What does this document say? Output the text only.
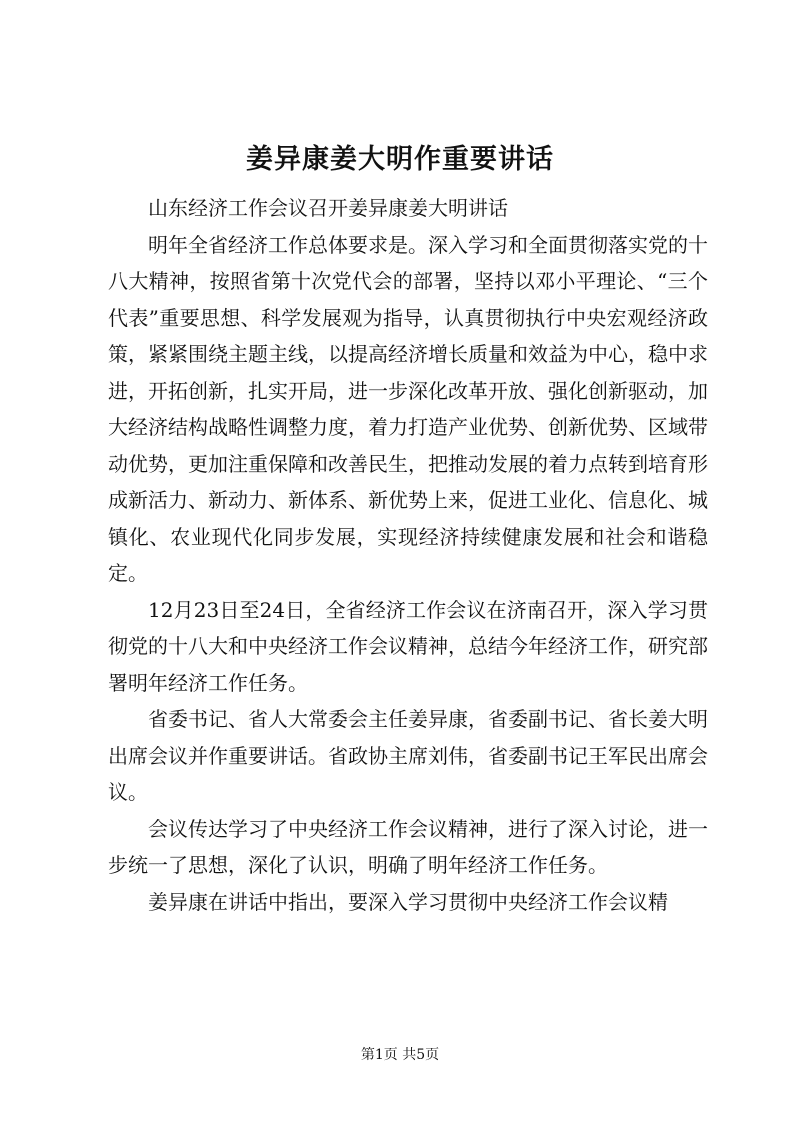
姜异康姜大明作重要讲话

山东经济工作会议召开姜异康姜大明讲话

明年全省经济工作总体要求是。深入学习和全面贯彻落实党的十八大精神，按照省第十次党代会的部署，坚持以邓小平理论、“三个代表”重要思想、科学发展观为指导，认真贯彻执行中央宏观经济政策，紧紧围绕主题主线，以提高经济增长质量和效益为中心，稳中求进，开拓创新，扎实开局，进一步深化改革开放、强化创新驱动，加大经济结构战略性调整力度，着力打造产业优势、创新优势、区域带动优势，更加注重保障和改善民生，把推动发展的着力点转到培育形成新活力、新动力、新体系、新优势上来，促进工业化、信息化、城镇化、农业现代化同步发展，实现经济持续健康发展和社会和谐稳定。

12月23日至24日，全省经济工作会议在济南召开，深入学习贯彻党的十八大和中央经济工作会议精神，总结今年经济工作，研究部署明年经济工作任务。

省委书记、省人大常委会主任姜异康，省委副书记、省长姜大明出席会议并作重要讲话。省政协主席刘伟，省委副书记王军民出席会议。

会议传达学习了中央经济工作会议精神，进行了深入讨论，进一步统一了思想，深化了认识，明确了明年经济工作任务。

姜异康在讲话中指出，要深入学习贯彻中央经济工作会议精

第1页 共5页
